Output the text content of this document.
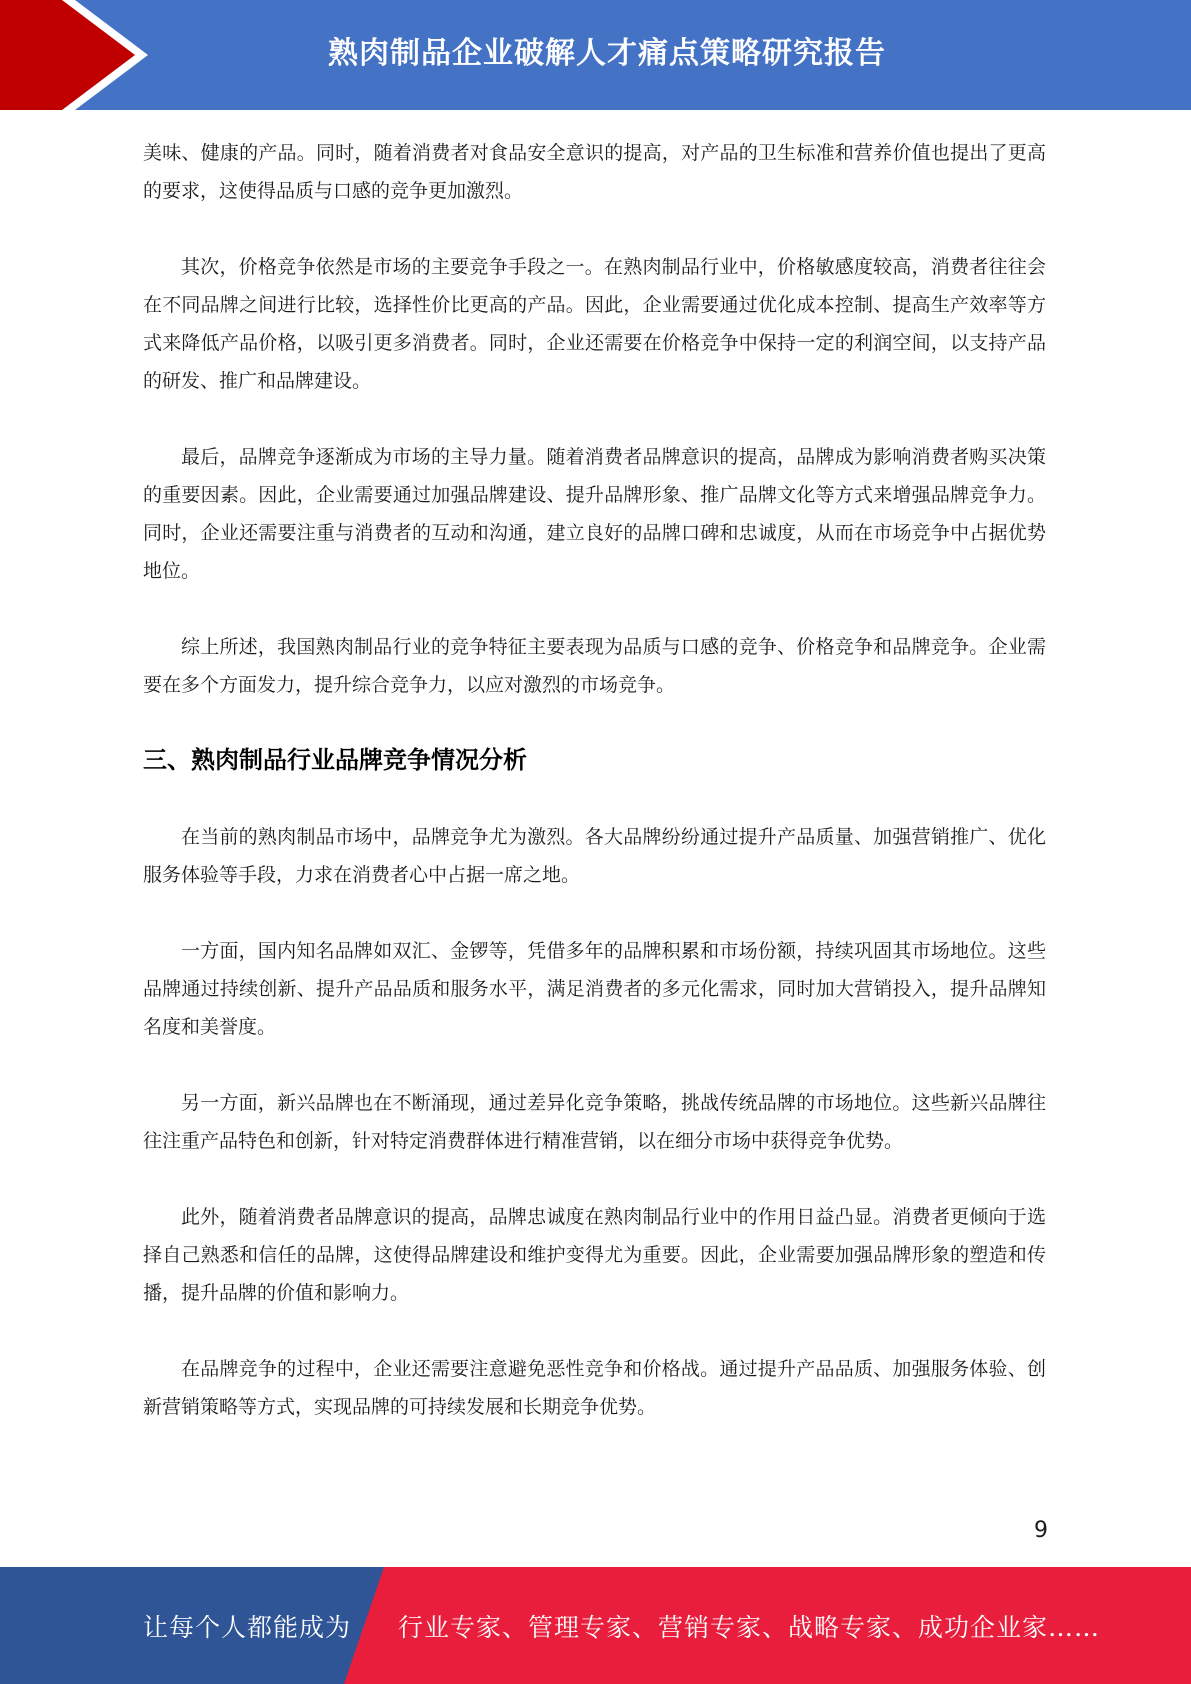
熟肉制品企业破解人才痛点策略研究报告

美味、健康的产品。同时，随着消费者对食品安全意识的提高，对产品的卫生标准和营养价值也提出了更高的要求，这使得品质与口感的竞争更加激烈。

其次，价格竞争依然是市场的主要竞争手段之一。在熟肉制品行业中，价格敏感度较高，消费者往往会在不同品牌之间进行比较，选择性价比更高的产品。因此，企业需要通过优化成本控制、提高生产效率等方式来降低产品价格，以吸引更多消费者。同时，企业还需要在价格竞争中保持一定的利润空间，以支持产品的研发、推广和品牌建设。

最后，品牌竞争逐渐成为市场的主导力量。随着消费者品牌意识的提高，品牌成为影响消费者购买决策的重要因素。因此，企业需要通过加强品牌建设、提升品牌形象、推广品牌文化等方式来增强品牌竞争力。同时，企业还需要注重与消费者的互动和沟通，建立良好的品牌口碑和忠诚度，从而在市场竞争中占据优势地位。

综上所述，我国熟肉制品行业的竞争特征主要表现为品质与口感的竞争、价格竞争和品牌竞争。企业需要在多个方面发力，提升综合竞争力，以应对激烈的市场竞争。

三、熟肉制品行业品牌竞争情况分析

在当前的熟肉制品市场中，品牌竞争尤为激烈。各大品牌纷纷通过提升产品质量、加强营销推广、优化服务体验等手段，力求在消费者心中占据一席之地。

一方面，国内知名品牌如双汇、金锣等，凭借多年的品牌积累和市场份额，持续巩固其市场地位。这些品牌通过持续创新、提升产品品质和服务水平，满足消费者的多元化需求，同时加大营销投入，提升品牌知名度和美誉度。

另一方面，新兴品牌也在不断涌现，通过差异化竞争策略，挑战传统品牌的市场地位。这些新兴品牌往往注重产品特色和创新，针对特定消费群体进行精准营销，以在细分市场中获得竞争优势。

此外，随着消费者品牌意识的提高，品牌忠诚度在熟肉制品行业中的作用日益凸显。消费者更倾向于选择自己熟悉和信任的品牌，这使得品牌建设和维护变得尤为重要。因此，企业需要加强品牌形象的塑造和传播，提升品牌的价值和影响力。

在品牌竞争的过程中，企业还需要注意避免恶性竞争和价格战。通过提升产品品质、加强服务体验、创新营销策略等方式，实现品牌的可持续发展和长期竞争优势。

9
让每个人都能成为 行业专家、管理专家、营销专家、战略专家、成功企业家……
